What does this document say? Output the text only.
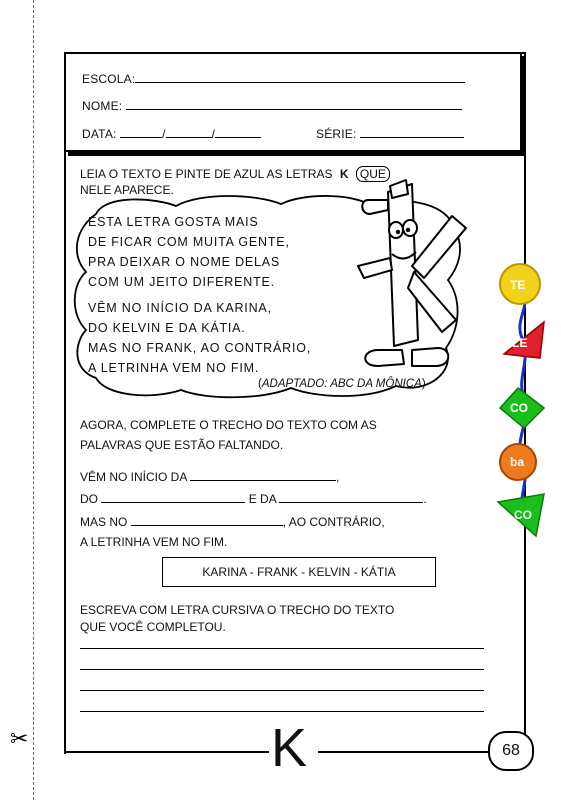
✂	K	68
ESCOLA:
NOME:
DATA:	/	/	SÉRIE:
LEIA O TEXTO E PINTE DE AZUL AS LETRAS K QUE
NELE APARECE.
ESTA LETRA GOSTA MAIS
DE FICAR COM MUITA GENTE,
PRA DEIXAR O NOME DELAS
COM UM JEITO DIFERENTE.
VÊM NO INÍCIO DA KARINA,
DO KELVIN E DA KÁTIA.
MAS NO FRANK, AO CONTRÁRIO,
A LETRINHA VEM NO FIM.
(ADAPTADO: ABC DA MÔNICA)
AGORA, COMPLETE O TRECHO DO TEXTO COM AS
PALAVRAS QUE ESTÃO FALTANDO.
VÊM NO INÍCIO DA	,
DO	E DA	.
MAS NO	, AO CONTRÁRIO,
A LETRINHA VEM NO FIM.
KARINA - FRANK - KELVIN - KÁTIA
ESCREVA COM LETRA CURSIVA O TRECHO DO TEXTO
QUE VOCÊ COMPLETOU.
TE
LE
CO
ba
CO
